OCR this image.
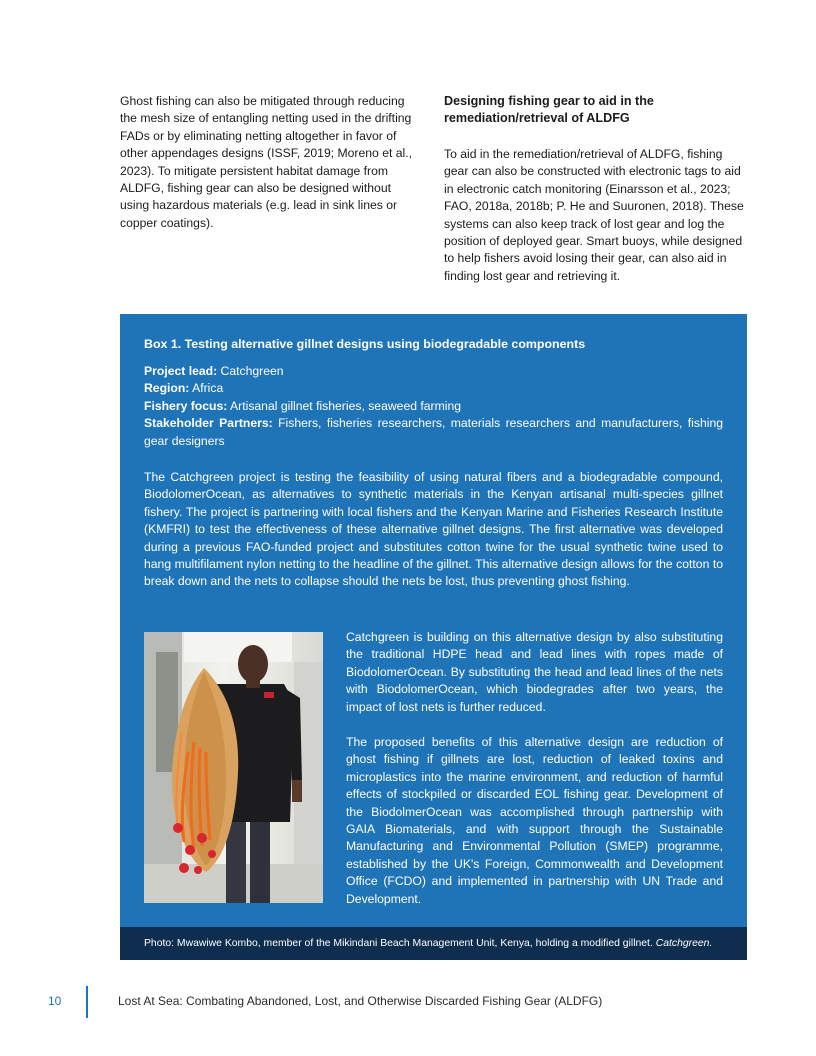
Ghost fishing can also be mitigated through reducing the mesh size of entangling netting used in the drifting FADs or by eliminating netting altogether in favor of other appendages designs (ISSF, 2019; Moreno et al., 2023). To mitigate persistent habitat damage from ALDFG, fishing gear can also be designed without using hazardous materials (e.g. lead in sink lines or copper coatings).

Designing fishing gear to aid in the remediation/retrieval of ALDFG

To aid in the remediation/retrieval of ALDFG, fishing gear can also be constructed with electronic tags to aid in electronic catch monitoring (Einarsson et al., 2023; FAO, 2018a, 2018b; P. He and Suuronen, 2018). These systems can also keep track of lost gear and log the position of deployed gear. Smart buoys, while designed to help fishers avoid losing their gear, can also aid in finding lost gear and retrieving it.

Box 1. Testing alternative gillnet designs using biodegradable components
Project lead: Catchgreen
Region: Africa
Fishery focus: Artisanal gillnet fisheries, seaweed farming
Stakeholder Partners: Fishers, fisheries researchers, materials researchers and manufacturers, fishing gear designers

The Catchgreen project is testing the feasibility of using natural fibers and a biodegradable compound, BiodolomerOcean, as alternatives to synthetic materials in the Kenyan artisanal multi-species gillnet fishery. The project is partnering with local fishers and the Kenyan Marine and Fisheries Research Institute (KMFRI) to test the effectiveness of these alternative gillnet designs. The first alternative was developed during a previous FAO-funded project and substitutes cotton twine for the usual synthetic twine used to hang multifilament nylon netting to the headline of the gillnet. This alternative design allows for the cotton to break down and the nets to collapse should the nets be lost, thus preventing ghost fishing.

Catchgreen is building on this alternative design by also substituting the traditional HDPE head and lead lines with ropes made of BiodolomerOcean. By substituting the head and lead lines of the nets with BiodolomerOcean, which biodegrades after two years, the impact of lost nets is further reduced.

The proposed benefits of this alternative design are reduction of ghost fishing if gillnets are lost, reduction of leaked toxins and microplastics into the marine environment, and reduction of harmful effects of stockpiled or discarded EOL fishing gear. Development of the BiodolmerOcean was accomplished through partnership with GAIA Biomaterials, and with support through the Sustainable Manufacturing and Environmental Pollution (SMEP) programme, established by the UK's Foreign, Commonwealth and Development Office (FCDO) and implemented in partnership with UN Trade and Development.

Photo: Mwawiwe Kombo, member of the Mikindani Beach Management Unit, Kenya, holding a modified gillnet. Catchgreen.
10	Lost At Sea: Combating Abandoned, Lost, and Otherwise Discarded Fishing Gear (ALDFG)
